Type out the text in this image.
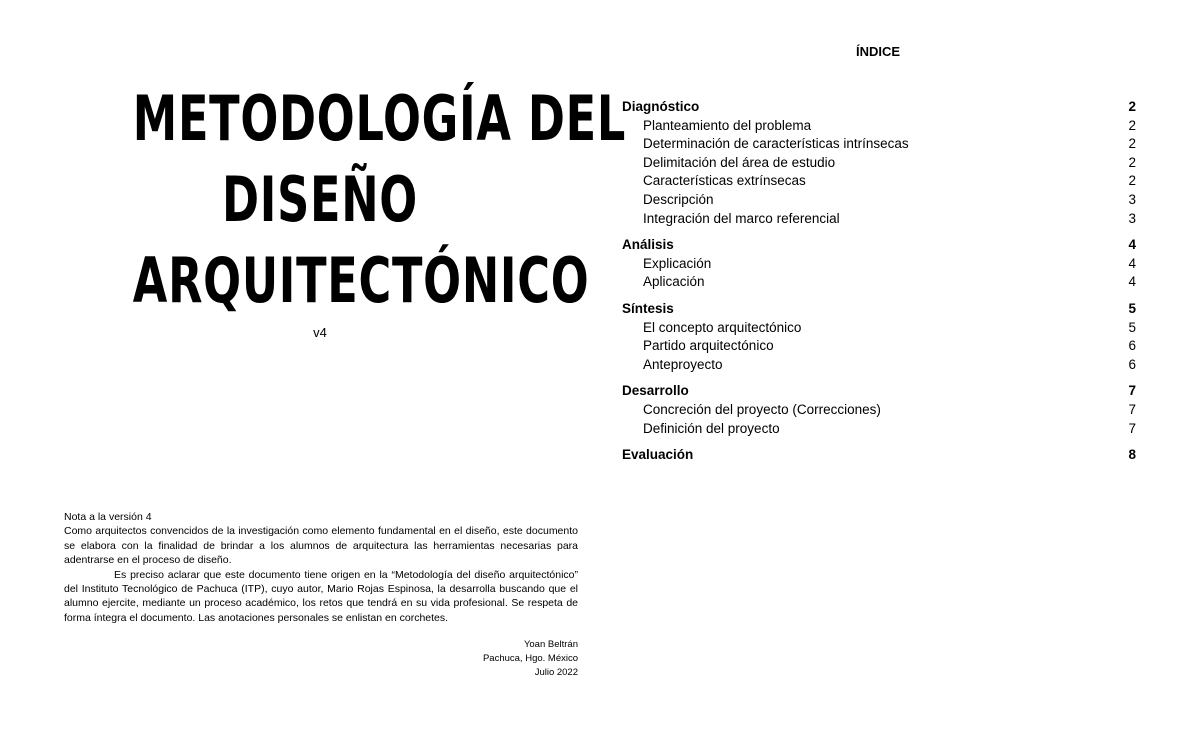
METODOLOGÍA DEL
DISEÑO
ARQUITECTÓNICO
v4

Nota a la versión 4

Como arquitectos convencidos de la investigación como elemento fundamental en el diseño, este documento se elabora con la finalidad de brindar a los alumnos de arquitectura las herramientas necesarias para adentrarse en el proceso de diseño.

Es preciso aclarar que este documento tiene origen en la “Metodología del diseño arquitectónico” del Instituto Tecnológico de Pachuca (ITP), cuyo autor, Mario Rojas Espinosa, la desarrolla buscando que el alumno ejercite, mediante un proceso académico, los retos que tendrá en su vida profesional. Se respeta de forma íntegra el documento. Las anotaciones personales se enlistan en corchetes.

Yoan Beltrán
Pachuca, Hgo. México
Julio 2022
ÍNDICE
Diagnóstico	2
Planteamiento del problema	2
Determinación de características intrínsecas	2
Delimitación del área de estudio	2
Características extrínsecas	2
Descripción	3
Integración del marco referencial	3
Análisis	4
Explicación	4
Aplicación	4
Síntesis	5
El concepto arquitectónico	5
Partido arquitectónico	6
Anteproyecto	6
Desarrollo	7
Concreción del proyecto (Correcciones)	7
Definición del proyecto	7
Evaluación	8
